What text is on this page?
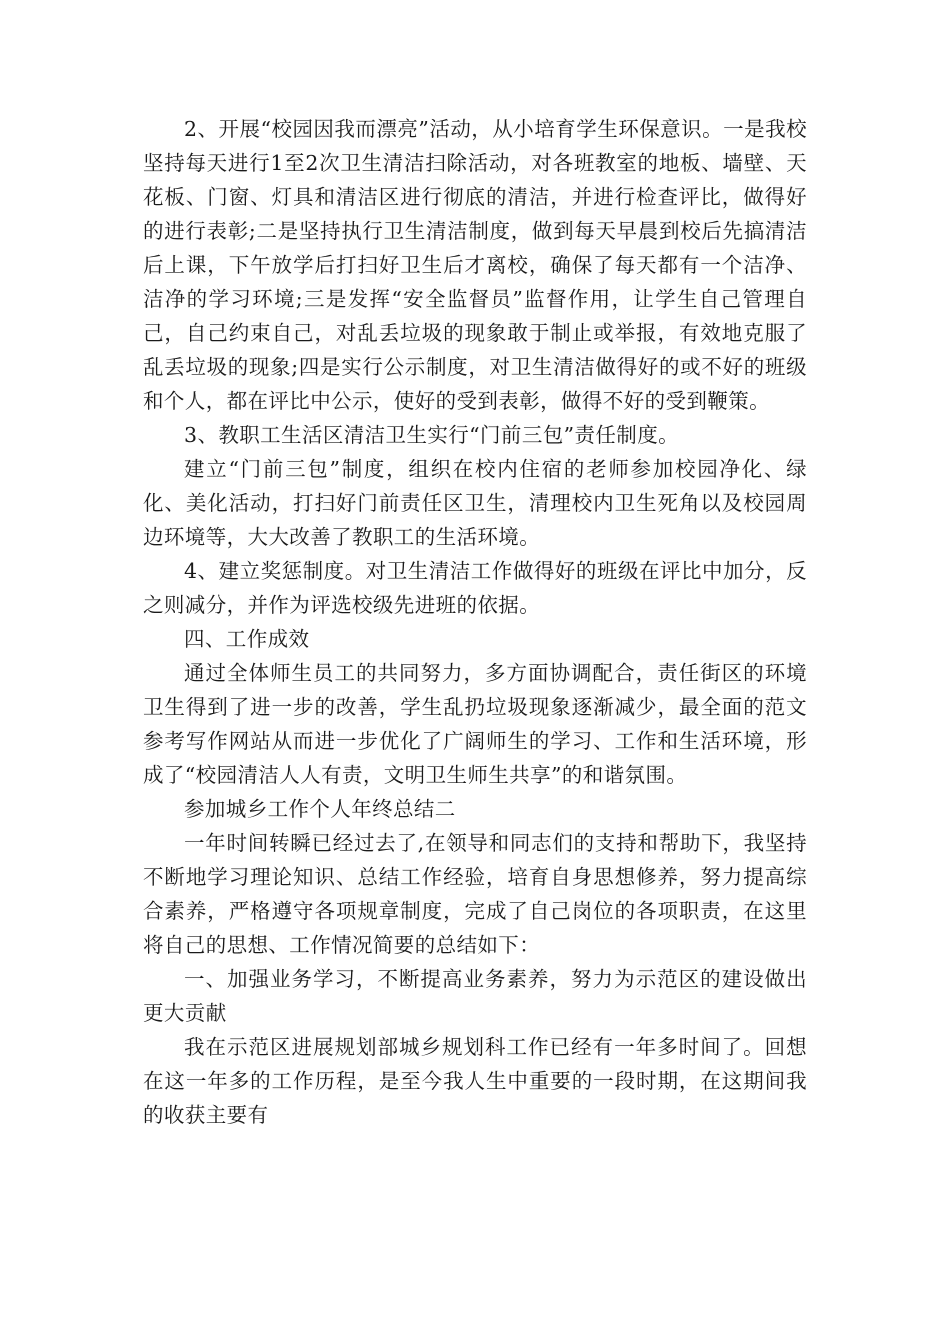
2、开展“校园因我而漂亮”活动，从小培育学生环保意识。一是我校坚持每天进行1至2次卫生清洁扫除活动，对各班教室的地板、墙壁、天花板、门窗、灯具和清洁区进行彻底的清洁，并进行检查评比，做得好的进行表彰;二是坚持执行卫生清洁制度，做到每天早晨到校后先搞清洁后上课，下午放学后打扫好卫生后才离校，确保了每天都有一个洁净、洁净的学习环境;三是发挥“安全监督员”监督作用，让学生自己管理自己，自己约束自己，对乱丢垃圾的现象敢于制止或举报，有效地克服了乱丢垃圾的现象;四是实行公示制度，对卫生清洁做得好的或不好的班级和个人，都在评比中公示，使好的受到表彰，做得不好的受到鞭策。

3、教职工生活区清洁卫生实行“门前三包”责任制度。

建立“门前三包”制度，组织在校内住宿的老师参加校园净化、绿化、美化活动，打扫好门前责任区卫生，清理校内卫生死角以及校园周边环境等，大大改善了教职工的生活环境。

4、建立奖惩制度。对卫生清洁工作做得好的班级在评比中加分，反之则减分，并作为评选校级先进班的依据。

四、工作成效

通过全体师生员工的共同努力，多方面协调配合，责任街区的环境卫生得到了进一步的改善，学生乱扔垃圾现象逐渐减少，最全面的范文参考写作网站从而进一步优化了广阔师生的学习、工作和生活环境，形成了“校园清洁人人有责，文明卫生师生共享”的和谐氛围。

参加城乡工作个人年终总结二

一年时间转瞬已经过去了,在领导和同志们的支持和帮助下，我坚持不断地学习理论知识、总结工作经验，培育自身思想修养，努力提高综合素养，严格遵守各项规章制度，完成了自己岗位的各项职责，在这里将自己的思想、工作情况简要的总结如下：

一、加强业务学习，不断提高业务素养，努力为示范区的建设做出更大贡献

我在示范区进展规划部城乡规划科工作已经有一年多时间了。回想在这一年多的工作历程，是至今我人生中重要的一段时期，在这期间我的收获主要有
